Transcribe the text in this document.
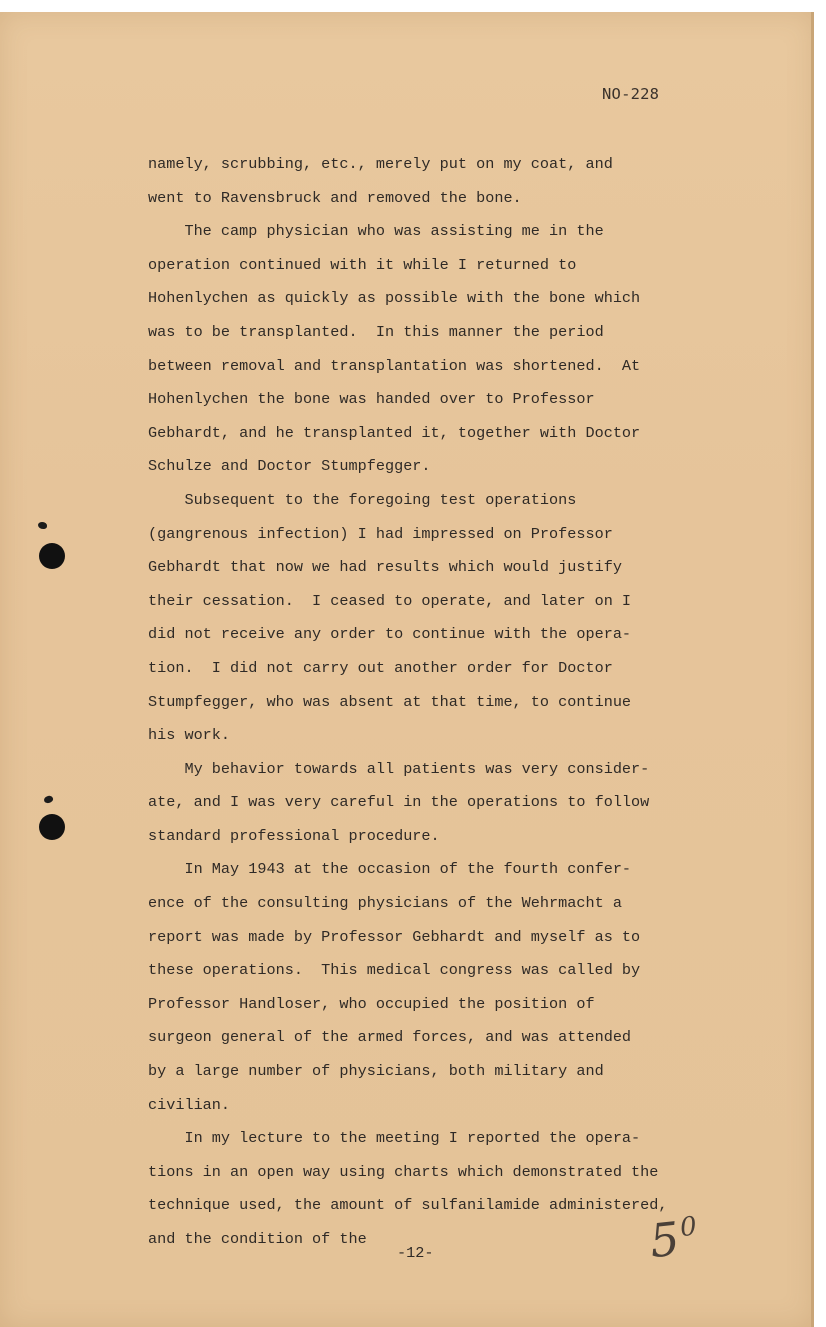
NO-228

namely, scrubbing, etc., merely put on my coat, and

went to Ravensbruck and removed the bone.

The camp physician who was assisting me in the

operation continued with it while I returned to

Hohenlychen as quickly as possible with the bone which

was to be transplanted.  In this manner the period

between removal and transplantation was shortened.  At

Hohenlychen the bone was handed over to Professor

Gebhardt, and he transplanted it, together with Doctor

Schulze and Doctor Stumpfegger.

Subsequent to the foregoing test operations

(gangrenous infection) I had impressed on Professor

Gebhardt that now we had results which would justify

their cessation.  I ceased to operate, and later on I

did not receive any order to continue with the opera-

tion.  I did not carry out another order for Doctor

Stumpfegger, who was absent at that time, to continue

his work.

My behavior towards all patients was very consider-

ate, and I was very careful in the operations to follow

standard professional procedure.

In May 1943 at the occasion of the fourth confer-

ence of the consulting physicians of the Wehrmacht a

report was made by Professor Gebhardt and myself as to

these operations.  This medical congress was called by

Professor Handloser, who occupied the position of

surgeon general of the armed forces, and was attended

by a large number of physicians, both military and

civilian.

In my lecture to the meeting I reported the opera-

tions in an open way using charts which demonstrated the

technique used, the amount of sulfanilamide administered,

and the condition of the

-12-	$5^0$
